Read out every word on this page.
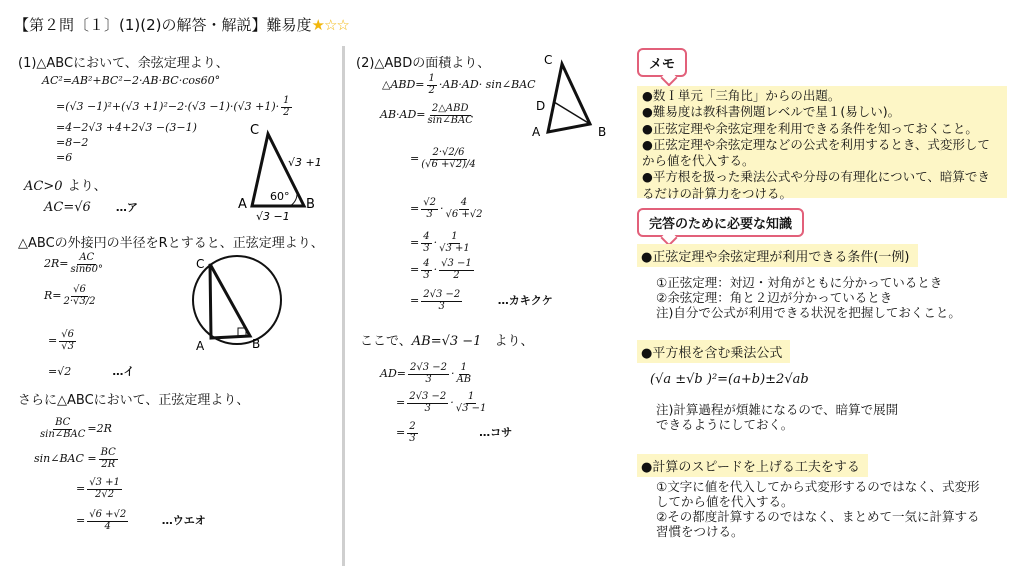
【第２問〔１〕(1)(2)の解答・解説】難易度★☆☆
(1)△ABCにおいて、余弦定理より、
AC²=AB²+BC²−2·AB·BC·cos60°
$=(√3 -1)^2+(√3 +1)^2-2\cdot(√3 -1)\cdot(√3 +1)\cdot \frac{1}{2}$
=4−2√3 +4+2√3 −(3−1)
=8−2
=6
AC>0 より、
AC=√6 …ア
C
A	B
60°
√3 +1
√3 −1
△ABCの外接円の半径をRとすると、正弦定理より、
$2R= \frac{AC}{\sin 60^\circ}$
$R= \frac{√6}{2\cdot√3/2}$
= $\frac{√6}{√3}$
=√2	…イ
C
A	B
さらに△ABCにおいて、正弦定理より、
$\frac{BC}{\text{sin∠BAC}} =2R$
sin∠BAC = $\frac{BC}{2R}$
= $\frac{√3 +1}{2√2}$
= $\frac{√6 +√2}{4}$	…ウエオ
(2)△ABDの面積より、	C
D
A	B
△ABD= $\frac{1}{2} \cdot AB\cdot AD\cdot$ sin∠BAC
$AB\cdot AD= \frac{\text{2△ABD}}{\text{sin∠BAC}}$
= $\frac{2\cdot√2/6}{(√6 +√2)/4}$
= $\frac{√2}{3} \cdot \frac{4}{√6 +√2}$
= $\frac{4}{3} \cdot \frac{1}{√3 +1}$
= $\frac{4}{3} \cdot \frac{√3 -1}{2}$
= $\frac{2√3 -2}{3}$	…カキクケ
ここで、AB=√3 −1 より、
$AD= \frac{2√3 -2}{3} \cdot \frac{1}{AB}$
= $\frac{2√3 -2}{3} \cdot \frac{1}{√3 -1}$
= $\frac{2}{3}$	…コサ
メモ
●数Ｉ単元「三角比」からの出題。
●難易度は教科書例題レベルで星１(易しい)。
●正弦定理や余弦定理を利用できる条件を知っておくこと。
●正弦定理や余弦定理などの公式を利用するとき、式変形して
から値を代入する。
●平方根を扱った乗法公式や分母の有理化について、暗算でき
るだけの計算力をつける。
完答のために必要な知識
●正弦定理や余弦定理が利用できる条件(一例)
①正弦定理：対辺・対角がともに分かっているとき
②余弦定理：角と２辺が分かっているとき
注)自分で公式が利用できる状況を把握しておくこと。
●平方根を含む乗法公式
(√a ±√b )²=(a+b)±2√ab
注)計算過程が煩雑になるので、暗算で展開
できるようにしておく。
●計算のスピードを上げる工夫をする
①文字に値を代入してから式変形するのではなく、式変形
してから値を代入する。
②その都度計算するのではなく、まとめて一気に計算する
習慣をつける。
